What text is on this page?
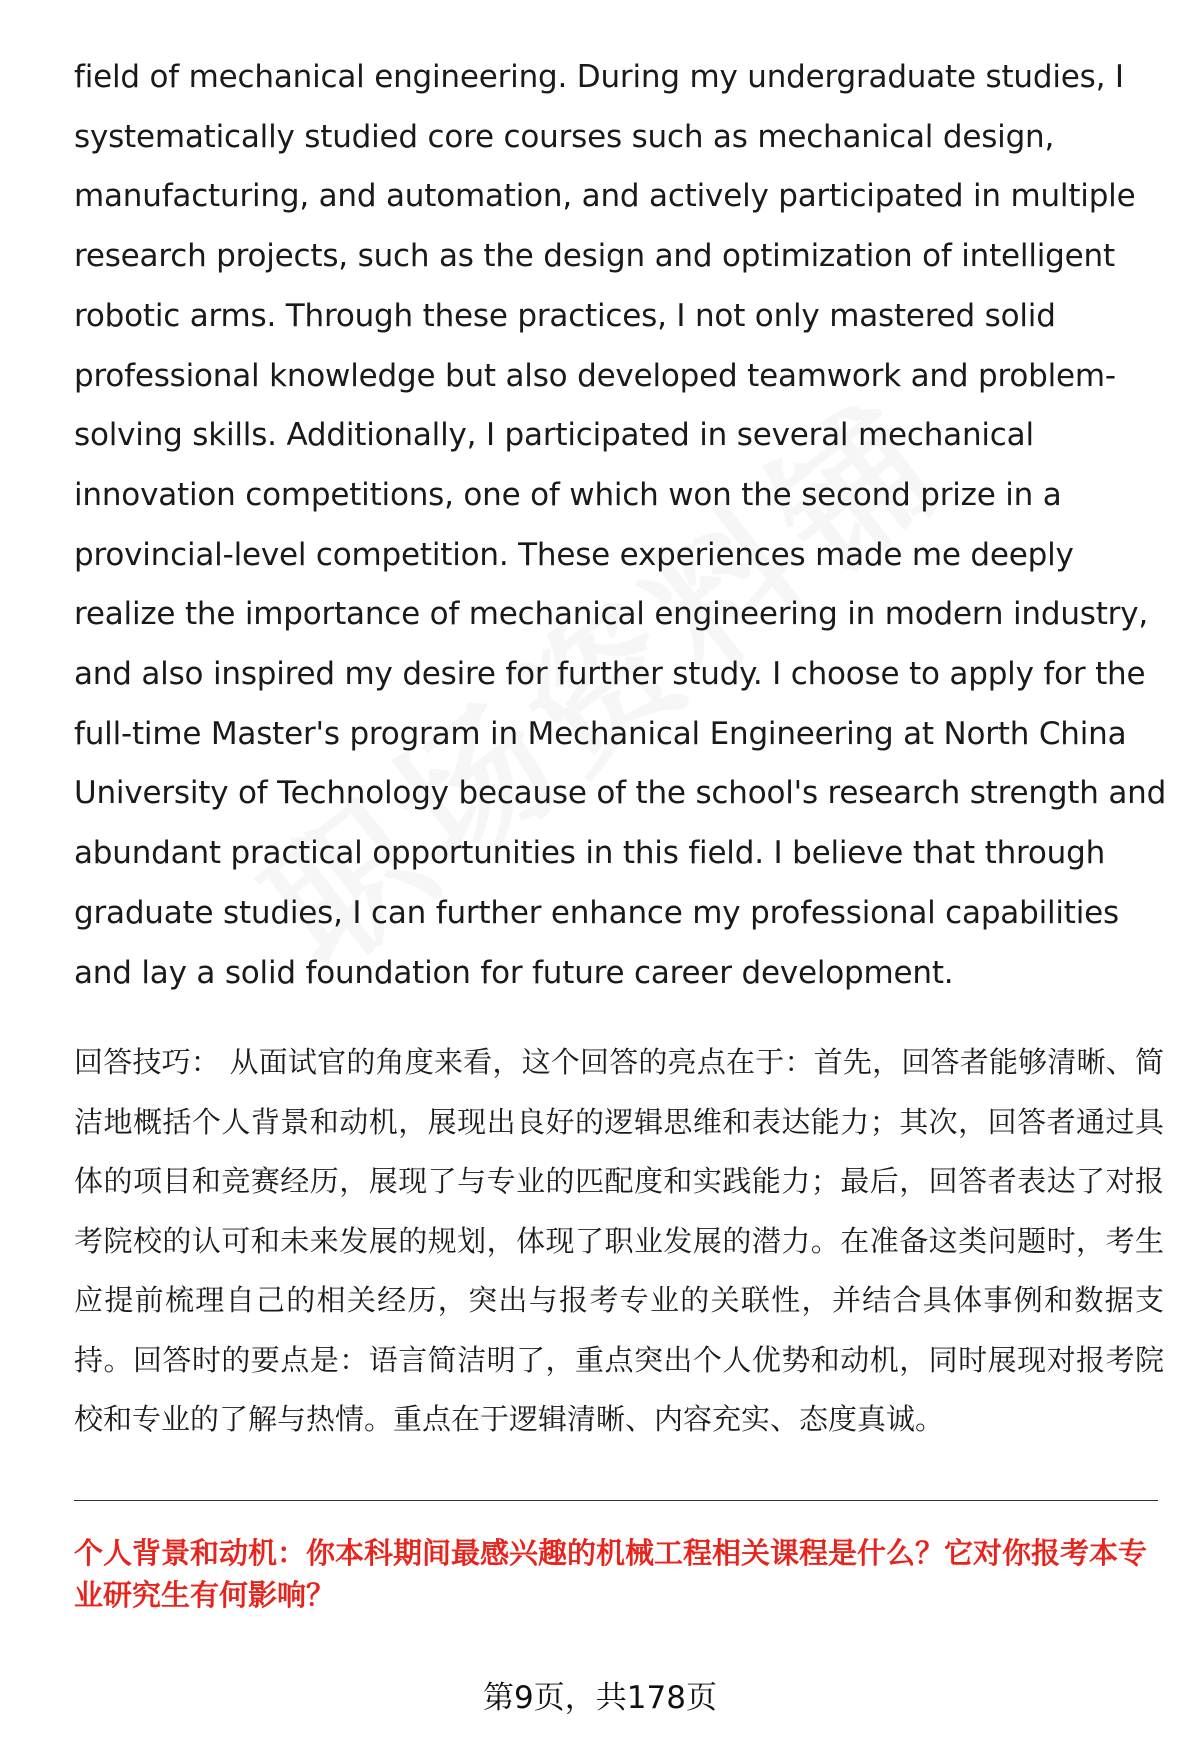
field of mechanical engineering. During my undergraduate studies, I systematically studied core courses such as mechanical design, manufacturing, and automation, and actively participated in multiple research projects, such as the design and optimization of intelligent robotic arms. Through these practices, I not only mastered solid professional knowledge but also developed teamwork and problem-solving skills. Additionally, I participated in several mechanical innovation competitions, one of which won the second prize in a provincial-level competition. These experiences made me deeply realize the importance of mechanical engineering in modern industry, and also inspired my desire for further study. I choose to apply for the full-time Master's program in Mechanical Engineering at North China University of Technology because of the school's research strength and abundant practical opportunities in this field. I believe that through graduate studies, I can further enhance my professional capabilities and lay a solid foundation for future career development.

回答技巧： 从面试官的角度来看，这个回答的亮点在于：首先，回答者能够清晰、简洁地概括个人背景和动机，展现出良好的逻辑思维和表达能力；其次，回答者通过具体的项目和竞赛经历，展现了与专业的匹配度和实践能力；最后，回答者表达了对报考院校的认可和未来发展的规划，体现了职业发展的潜力。在准备这类问题时，考生应提前梳理自己的相关经历，突出与报考专业的关联性，并结合具体事例和数据支持。回答时的要点是：语言简洁明了，重点突出个人优势和动机，同时展现对报考院校和专业的了解与热情。重点在于逻辑清晰、内容充实、态度真诚。

个人背景和动机：你本科期间最感兴趣的机械工程相关课程是什么？它对你报考本专业研究生有何影响？

第9页，共178页
